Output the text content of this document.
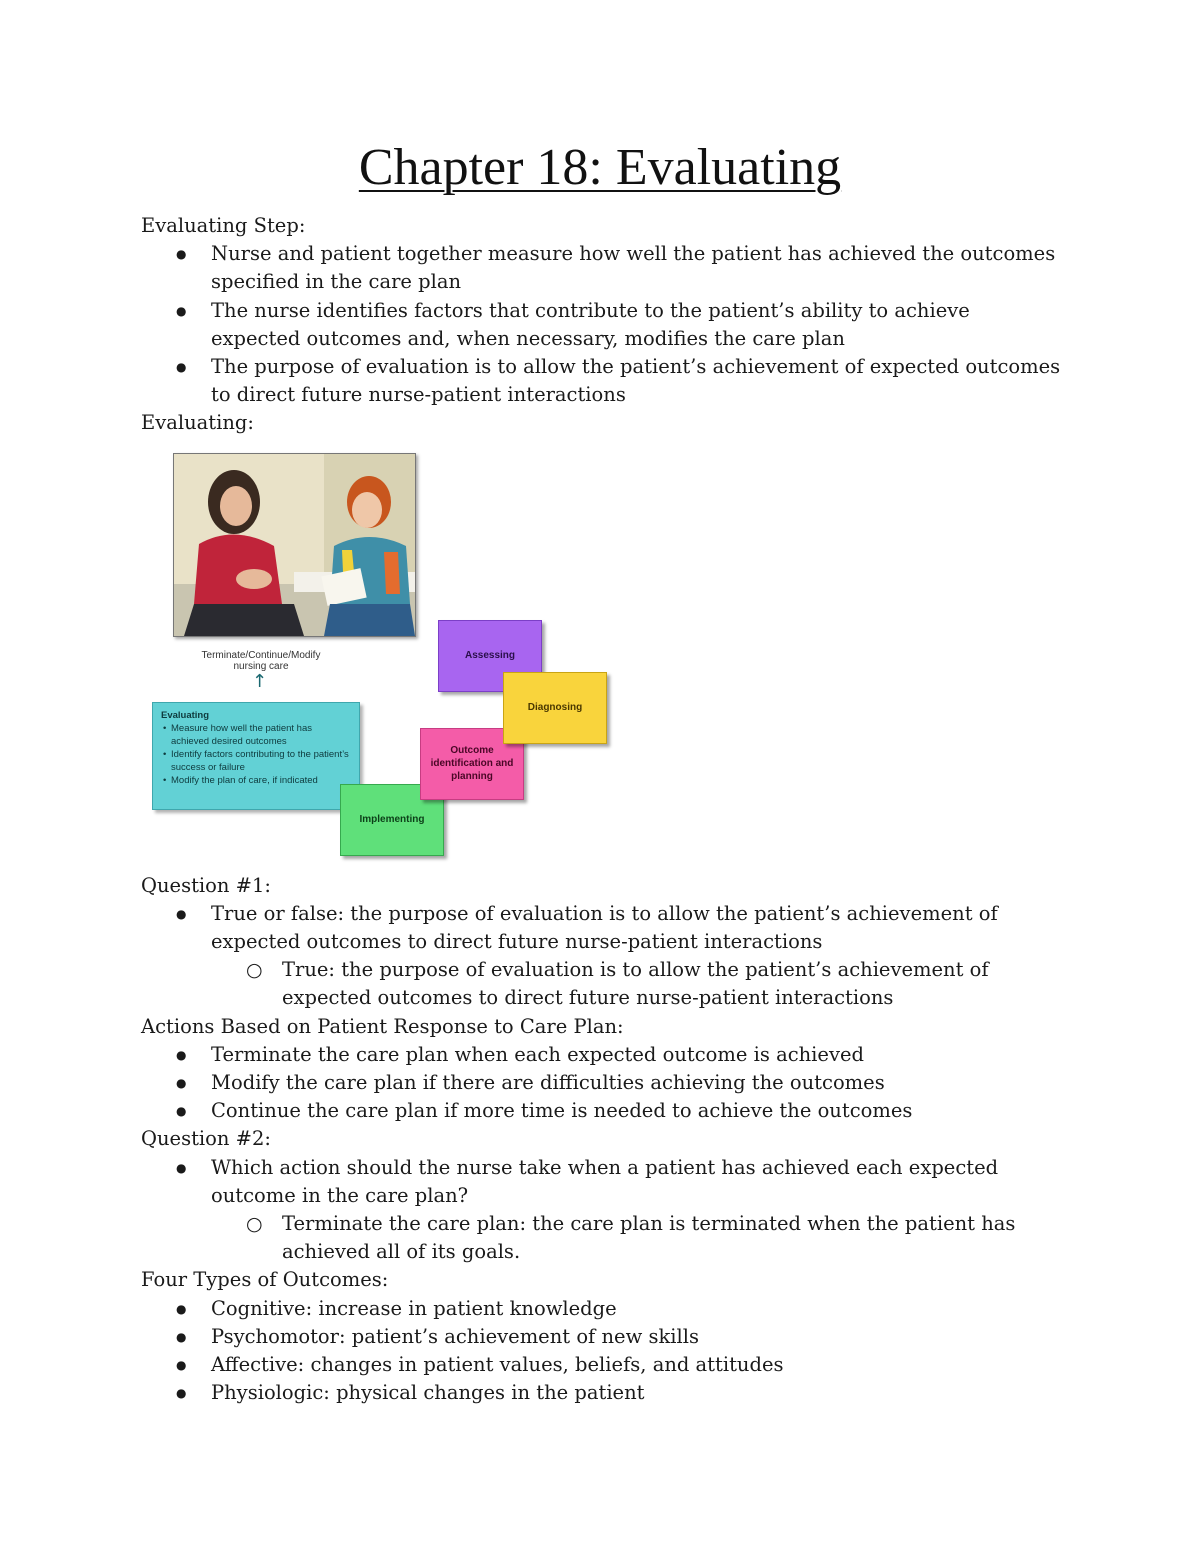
Chapter 18: Evaluating

Evaluating Step:

● Nurse and patient together measure how well the patient has achieved the outcomes specified in the care plan
● The nurse identifies factors that contribute to the patient’s ability to achieve expected outcomes and, when necessary, modifies the care plan
● The purpose of evaluation is to allow the patient’s achievement of expected outcomes to direct future nurse-patient interactions

Evaluating:

Terminate/Continue/Modify nursing care
↑
Evaluating
• Measure how well the patient has achieved desired outcomes
• Identify factors contributing to the patient’s success or failure
• Modify the plan of care, if indicated
Implementing
Outcome identification and planning
Assessing
Diagnosing

Question #1:

● True or false: the purpose of evaluation is to allow the patient’s achievement of expected outcomes to direct future nurse-patient interactions
○ True: the purpose of evaluation is to allow the patient’s achievement of expected outcomes to direct future nurse-patient interactions

Actions Based on Patient Response to Care Plan:

● Terminate the care plan when each expected outcome is achieved
● Modify the care plan if there are difficulties achieving the outcomes
● Continue the care plan if more time is needed to achieve the outcomes

Question #2:

● Which action should the nurse take when a patient has achieved each expected outcome in the care plan?
○ Terminate the care plan: the care plan is terminated when the patient has achieved all of its goals.

Four Types of Outcomes:

● Cognitive: increase in patient knowledge
● Psychomotor: patient’s achievement of new skills
● Affective: changes in patient values, beliefs, and attitudes
● Physiologic: physical changes in the patient
